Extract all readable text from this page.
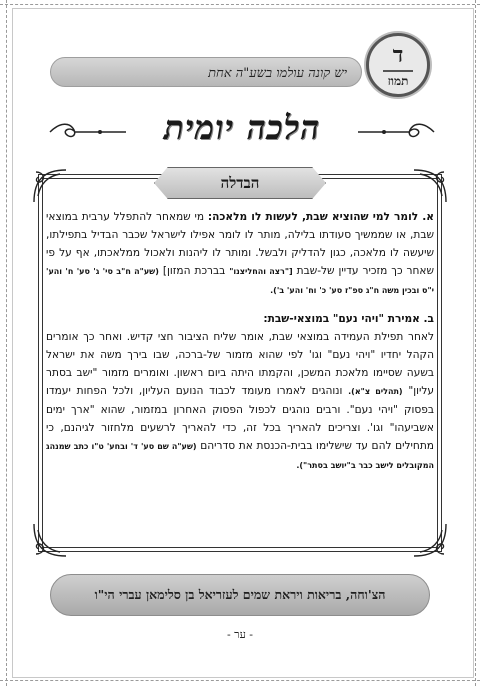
יש קונה עולמו בשע"ה אחת
ד
תמוז
הלכה יומית
הבדלה

א. לומר למי שהוציא שבת, לעשות לו מלאכה: מי שמאחר להתפלל ערבית במוצאי שבת, או שממשיך סעודתו בלילה, מותר לו לומר אפילו לישראל שכבר הבדיל בתפילתו, שיעשה לו מלאכה, כגון להדליק ולבשל. ומותר לו ליהנות ולאכול ממלאכתו, אף על פי שאחר כך מזכיר עדיין של-שבת ["רצה והחליצנו" בברכת המזון] (שע"ה ח"ב סי' ג' סע' ח' והע' י"ס ובכין משה ח"ג ספ"ז סע' כ' וח' והע' ב').

ב. אמירת "ויהי נעם" במוצאי-שבת:
לאחר תפילת העמידה במוצאי שבת, אומר שליח הציבור חצי קדיש. ואחר כך אומרים הקהל יחדיו "ויהי נעם" וגו' לפי שהוא מזמור של-ברכה, שבו בירך משה את ישראל בשעה שסיימו מלאכת המשכן, והקמתו היתה ביום ראשון. ואומרים מזמור "ישב בסתר עליון" (תהלים צ"א). ונוהגים לאמרו מעומד לכבוד הנועם העליון, ולכל הפחות יעמדו בפסוק "ויהי נעם". ורבים נוהגים לכפול הפסוק האחרון במזמור, שהוא "ארך ימים אשביעהו" וגו'. וצריכים להאריך בכל זה, כדי להאריך לרשעים מלחזור לגיהנם, כי מתחילים להם עד שישלימו בבית-הכנסת את סדריהם (שע"ה שם סע' ד' ובחע' ט"ו כתב שמנהג המקובלים לישב כבר ב"יושב בסתר").

הצ'וחה, בריאות ויראת שמים לעזריאל בן סלימאן עברי הי"ו
- ער -
